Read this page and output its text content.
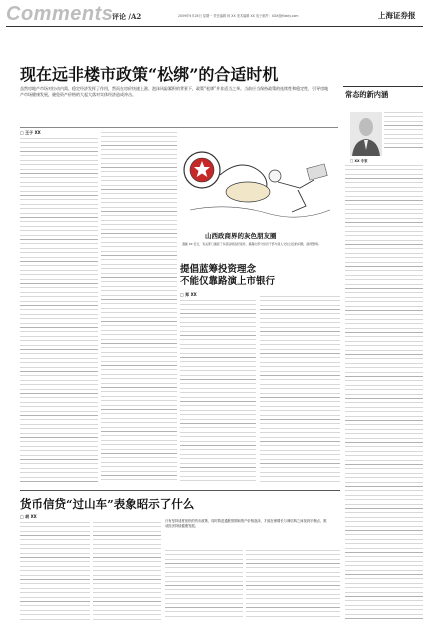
Comments
评论 /A2	2009年9月28日 星期一 责任编辑 杨 XX 美术编辑 XX 电子邮件：XXX@jfdaily.com	上海证券报
现在远非楼市政策“松绑”的合适时机
虽然房地产市场对拉动内需、稳定经济发挥了作用，然而在房价快速上涨、泡沫风险累积的背景下，政策“松绑”并非适当之举。当前应当保持政策的连续性和稳定性，引导房地产市场健康发展，避免资产价格的大起大落对实体经济造成冲击。
□ 王子 XX
山西政商界的灰色朋友圈
漫画 XX 近日，有关部门通报了多起违规违纪案件，暴露出部分党员干部与商人交往过密的问题，值得警惕。
提倡蓝筹投资理念
不能仅靠路演上市银行
□ 郑 XX
常态的新内涵
□ XX 专家
货币信贷“过山车”表象昭示了什么
□ 胡 XX
只有坚持适度宽松的货币政策，同时防范通胀预期和资产价格泡沫，才能在保增长与调结构之间找到平衡点，推动经济持续健康发展。
